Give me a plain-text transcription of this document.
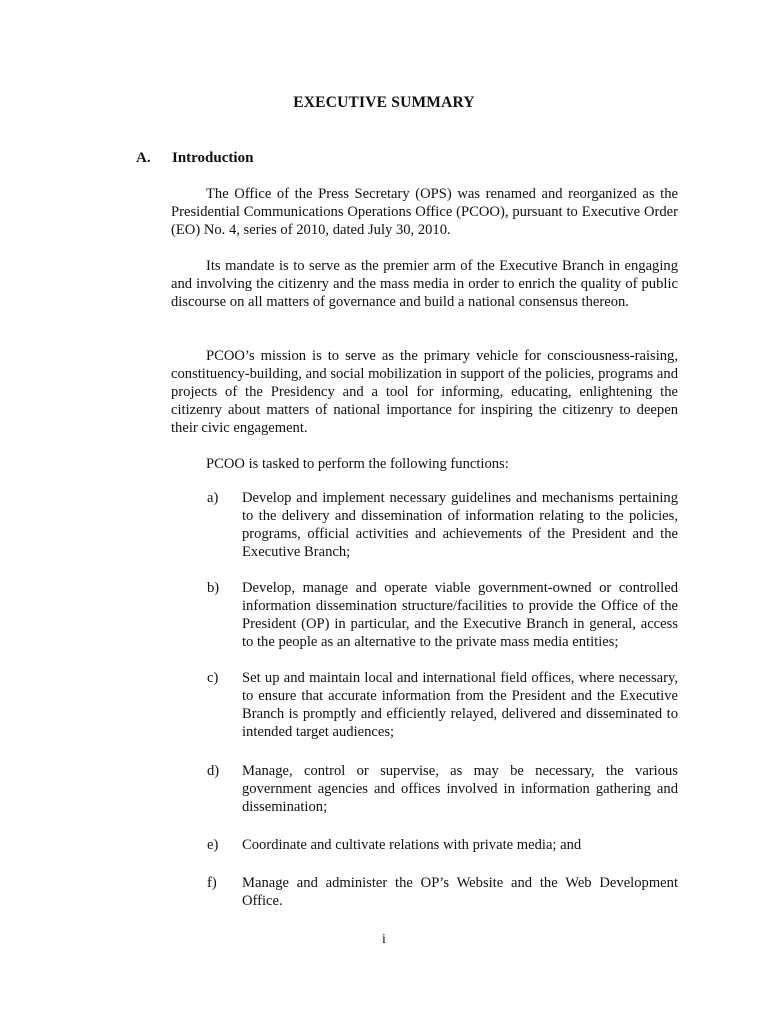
EXECUTIVE SUMMARY
A. Introduction

The Office of the Press Secretary (OPS) was renamed and reorganized as the Presidential Communications Operations Office (PCOO), pursuant to Executive Order (EO) No. 4, series of 2010, dated July 30, 2010.

Its mandate is to serve as the premier arm of the Executive Branch in engaging and involving the citizenry and the mass media in order to enrich the quality of public discourse on all matters of governance and build a national consensus thereon.

PCOO’s mission is to serve as the primary vehicle for consciousness-raising, constituency-building, and social mobilization in support of the policies, programs and projects of the Presidency and a tool for informing, educating, enlightening the citizenry about matters of national importance for inspiring the citizenry to deepen their civic engagement.

PCOO is tasked to perform the following functions:

a) Develop and implement necessary guidelines and mechanisms pertaining to the delivery and dissemination of information relating to the policies, programs, official activities and achievements of the President and the Executive Branch;
b) Develop, manage and operate viable government-owned or controlled information dissemination structure/facilities to provide the Office of the President (OP) in particular, and the Executive Branch in general, access to the people as an alternative to the private mass media entities;
c) Set up and maintain local and international field offices, where necessary, to ensure that accurate information from the President and the Executive Branch is promptly and efficiently relayed, delivered and disseminated to intended target audiences;
d) Manage, control or supervise, as may be necessary, the various government agencies and offices involved in information gathering and dissemination;
e) Coordinate and cultivate relations with private media; and
f) Manage and administer the OP’s Website and the Web Development Office.
i
